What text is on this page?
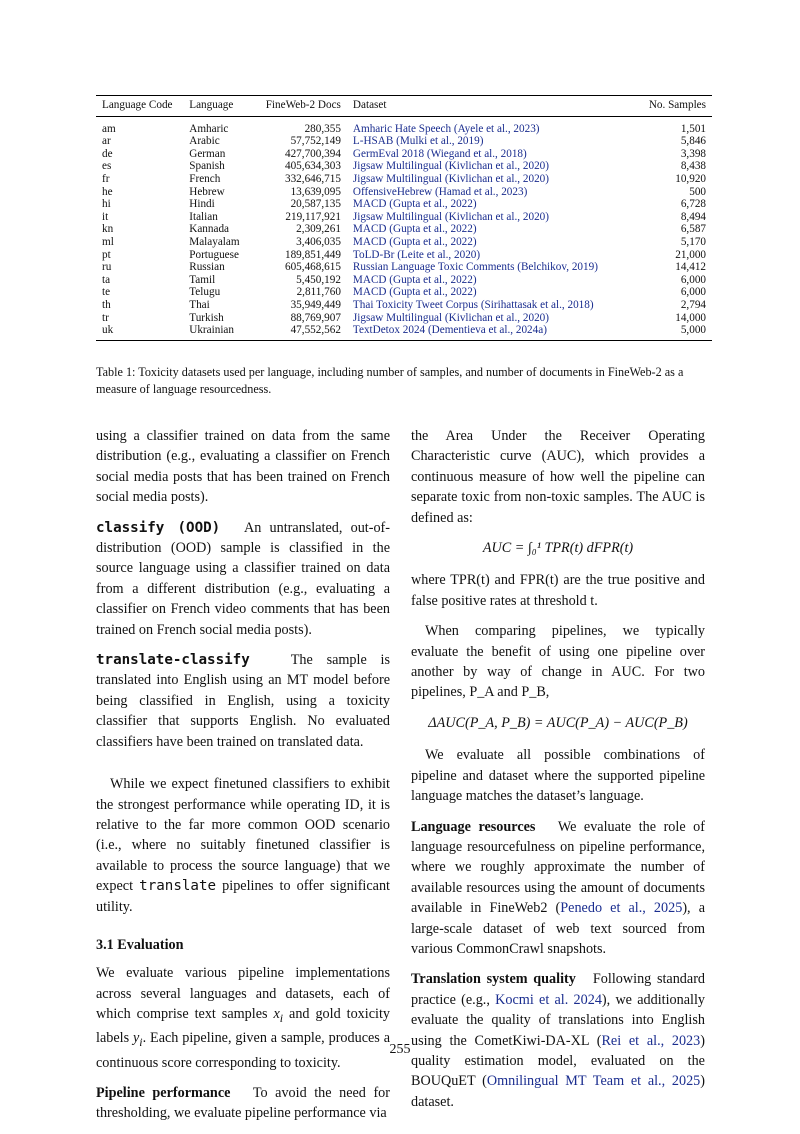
Language Code	Language	FineWeb-2 Docs	Dataset	No. Samples
am	Amharic	280,355	Amharic Hate Speech (Ayele et al., 2023)	1,501
ar	Arabic	57,752,149	L-HSAB (Mulki et al., 2019)	5,846
de	German	427,700,394	GermEval 2018 (Wiegand et al., 2018)	3,398
es	Spanish	405,634,303	Jigsaw Multilingual (Kivlichan et al., 2020)	8,438
fr	French	332,646,715	Jigsaw Multilingual (Kivlichan et al., 2020)	10,920
he	Hebrew	13,639,095	OffensiveHebrew (Hamad et al., 2023)	500
hi	Hindi	20,587,135	MACD (Gupta et al., 2022)	6,728
it	Italian	219,117,921	Jigsaw Multilingual (Kivlichan et al., 2020)	8,494
kn	Kannada	2,309,261	MACD (Gupta et al., 2022)	6,587
ml	Malayalam	3,406,035	MACD (Gupta et al., 2022)	5,170
pt	Portuguese	189,851,449	ToLD-Br (Leite et al., 2020)	21,000
ru	Russian	605,468,615	Russian Language Toxic Comments (Belchikov, 2019)	14,412
ta	Tamil	5,450,192	MACD (Gupta et al., 2022)	6,000
te	Telugu	2,811,760	MACD (Gupta et al., 2022)	6,000
th	Thai	35,949,449	Thai Toxicity Tweet Corpus (Sirihattasak et al., 2018)	2,794
tr	Turkish	88,769,907	Jigsaw Multilingual (Kivlichan et al., 2020)	14,000
uk	Ukrainian	47,552,562	TextDetox 2024 (Dementieva et al., 2024a)	5,000
Table 1: Toxicity datasets used per language, including number of samples, and number of documents in FineWeb-2 as a measure of language resourcedness.

using a classifier trained on data from the same distribution (e.g., evaluating a classifier on French social media posts that has been trained on French social media posts).

classify (OOD) An untranslated, out-of-distribution (OOD) sample is classified in the source language using a classifier trained on data from a different distribution (e.g., evaluating a classifier on French video comments that has been trained on French social media posts).

translate-classify	The sample is translated into English using an MT model before being classified in English, using a toxicity classifier that supports English. No evaluated classifiers have been trained on translated data.

While we expect finetuned classifiers to exhibit the strongest performance while operating ID, it is relative to the far more common OOD scenario (i.e., where no suitably finetuned classifier is available to process the source language) that we expect translate pipelines to offer significant utility.

3.1 Evaluation

We evaluate various pipeline implementations across several languages and datasets, each of which comprise text samples $x_i$ and gold toxicity labels $y_i$. Each pipeline, given a sample, produces a continuous score corresponding to toxicity.

Pipeline performance To avoid the need for thresholding, we evaluate pipeline performance via

the Area Under the Receiver Operating Characteristic curve (AUC), which provides a continuous measure of how well the pipeline can separate toxic from non-toxic samples. The AUC is defined as:

AUC = ∫₀¹ TPR(t) dFPR(t)

where TPR(t) and FPR(t) are the true positive and false positive rates at threshold t.

When comparing pipelines, we typically evaluate the benefit of using one pipeline over another by way of change in AUC. For two pipelines, P_A and P_B,

ΔAUC(P_A, P_B) = AUC(P_A) − AUC(P_B)

We evaluate all possible combinations of pipeline and dataset where the supported pipeline language matches the dataset’s language.

Language resources We evaluate the role of language resourcefulness on pipeline performance, where we roughly approximate the number of available resources using the amount of documents available in FineWeb2 (Penedo et al., 2025), a large-scale dataset of web text sourced from various CommonCrawl snapshots.

Translation system quality Following standard practice (e.g., Kocmi et al. 2024), we additionally evaluate the quality of translations into English using the CometKiwi-DA-XL (Rei et al., 2023) quality estimation model, evaluated on the BOUQuET (Omnilingual MT Team et al., 2025) dataset.

255
